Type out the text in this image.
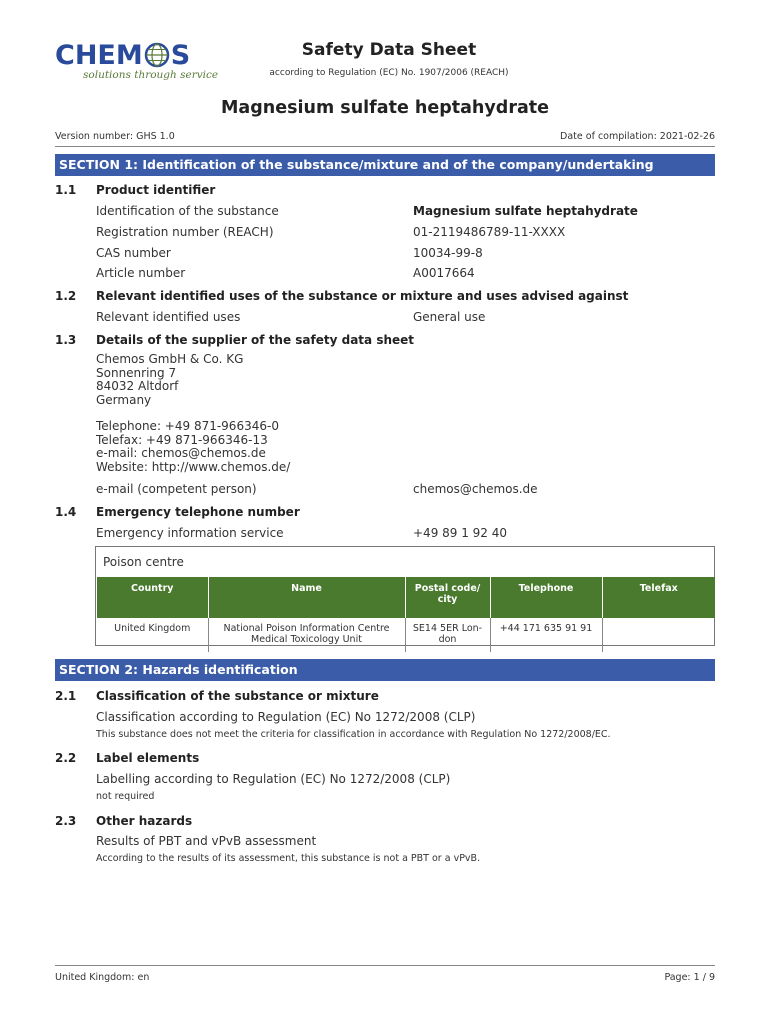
CHEM S
solutions through service
Safety Data Sheet
according to Regulation (EC) No. 1907/2006 (REACH)
Magnesium sulfate heptahydrate
Version number: GHS 1.0	Date of compilation: 2021-02-26
SECTION 1: Identification of the substance/mixture and of the company/undertaking
1.1 Product identifier
Identification of the substance	Magnesium sulfate heptahydrate
Registration number (REACH)	01-2119486789-11-XXXX
CAS number	10034-99-8
Article number	A0017664
1.2 Relevant identified uses of the substance or mixture and uses advised against
Relevant identified uses	General use
1.3 Details of the supplier of the safety data sheet
Chemos GmbH & Co. KG
Sonnenring 7
84032 Altdorf
Germany
Telephone: +49 871-966346-0
Telefax: +49 871-966346-13
e-mail: chemos@chemos.de
Website: http://www.chemos.de/
e-mail (competent person)	chemos@chemos.de
1.4 Emergency telephone number
Emergency information service	+49 89 1 92 40
Poison centre
Country	Name	Postal code/ city	Telephone	Telefax
United Kingdom	National Poison Information Centre Medical Toxicology Unit	SE14 5ER Lon- don	+44 171 635 91 91	
SECTION 2: Hazards identification
2.1 Classification of the substance or mixture
Classification according to Regulation (EC) No 1272/2008 (CLP)
This substance does not meet the criteria for classification in accordance with Regulation No 1272/2008/EC.
2.2 Label elements
Labelling according to Regulation (EC) No 1272/2008 (CLP)
not required
2.3 Other hazards
Results of PBT and vPvB assessment
According to the results of its assessment, this substance is not a PBT or a vPvB.
United Kingdom: en	Page: 1 / 9
